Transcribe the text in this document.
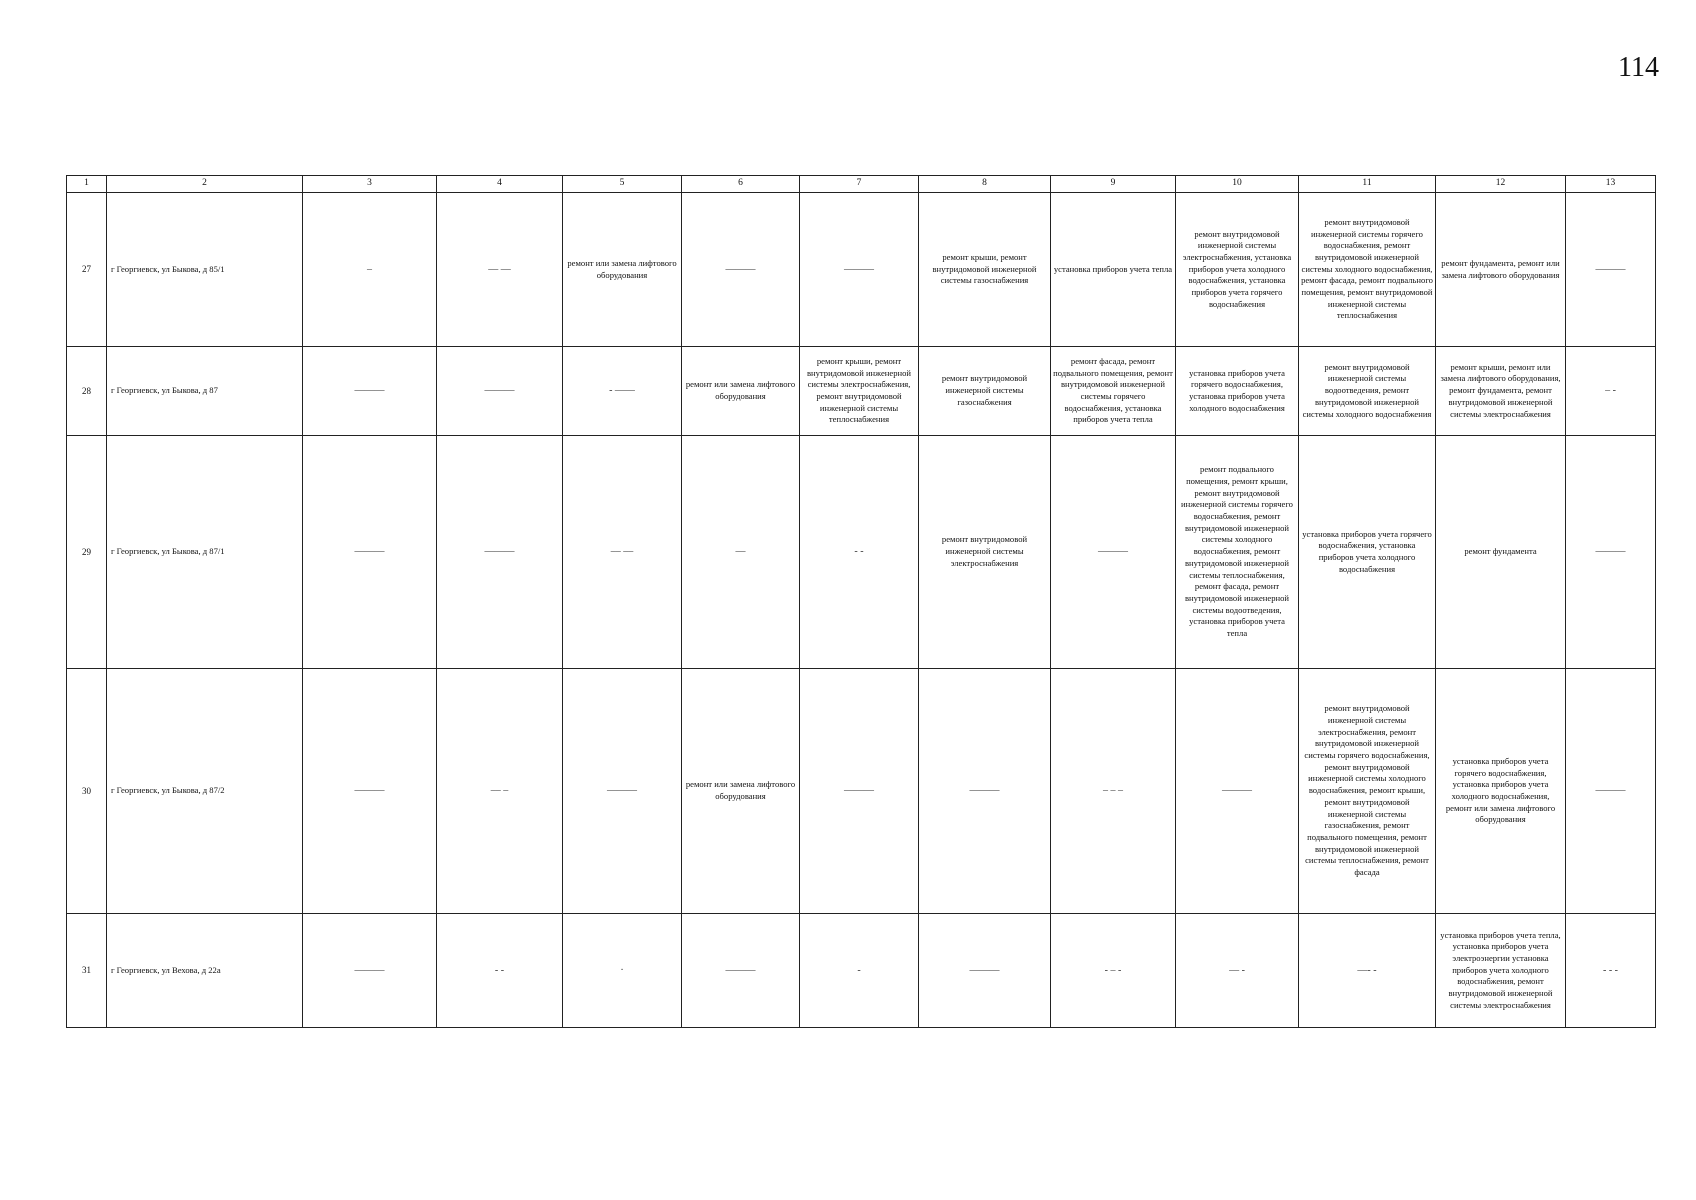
114
1	2	3	4	5	6	7	8	9	10	11	12	13
27	г Георгиевск, ул Быкова, д 85/1	–	— —	ремонт или замена лифтового оборудования	———	———	ремонт крыши, ремонт внутридомовой инженерной системы газоснабжения	установка приборов учета тепла	ремонт внутридомовой инженерной системы электроснабжения, установка приборов учета холодного водоснабжения, установка приборов учета горячего водоснабжения	ремонт внутридомовой инженерной системы горячего водоснабжения, ремонт внутридомовой инженерной системы холодного водоснабжения, ремонт фасада, ремонт подвального помещения, ремонт внутридомовой инженерной системы теплоснабжения	ремонт фундамента, ремонт или замена лифтового оборудования	———
28	г Георгиевск, ул Быкова, д 87	———	———	- ——	ремонт или замена лифтового оборудования	ремонт крыши, ремонт внутридомовой инженерной системы электроснабжения, ремонт внутридомовой инженерной системы теплоснабжения	ремонт внутридомовой инженерной системы газоснабжения	ремонт фасада, ремонт подвального помещения, ремонт внутридомовой инженерной системы горячего водоснабжения, установка приборов учета тепла	установка приборов учета горячего водоснабжения, установка приборов учета холодного водоснабжения	ремонт внутридомовой инженерной системы водоотведения, ремонт внутридомовой инженерной системы холодного водоснабжения	ремонт крыши, ремонт или замена лифтового оборудования, ремонт фундамента, ремонт внутридомовой инженерной системы электроснабжения	– -
29	г Георгиевск, ул Быкова, д 87/1	———	———	–– ––	—	- -	ремонт внутридомовой инженерной системы электроснабжения	———	ремонт подвального помещения, ремонт крыши, ремонт внутридомовой инженерной системы горячего водоснабжения, ремонт внутридомовой инженерной системы холодного водоснабжения, ремонт внутридомовой инженерной системы теплоснабжения, ремонт фасада, ремонт внутридомовой инженерной системы водоотведения, установка приборов учета тепла	установка приборов учета горячего водоснабжения, установка приборов учета холодного водоснабжения	ремонт фундамента	———
30	г Георгиевск, ул Быкова, д 87/2	———	–– –	———	ремонт или замена лифтового оборудования	———	———	– – –	———	ремонт внутридомовой инженерной системы электроснабжения, ремонт внутридомовой инженерной системы горячего водоснабжения, ремонт внутридомовой инженерной системы холодного водоснабжения, ремонт крыши, ремонт внутридомовой инженерной системы газоснабжения, ремонт подвального помещения, ремонт внутридомовой инженерной системы теплоснабжения, ремонт фасада	установка приборов учета горячего водоснабжения, установка приборов учета холодного водоснабжения, ремонт или замена лифтового оборудования	———
31	г Георгиевск, ул Вехова, д 22а	———	- -	·	———	-	———	- – -	— -	—- -	установка приборов учета тепла, установка приборов учета электроэнергии установка приборов учета холодного водоснабжения, ремонт внутридомовой инженерной системы электроснабжения	- - -
